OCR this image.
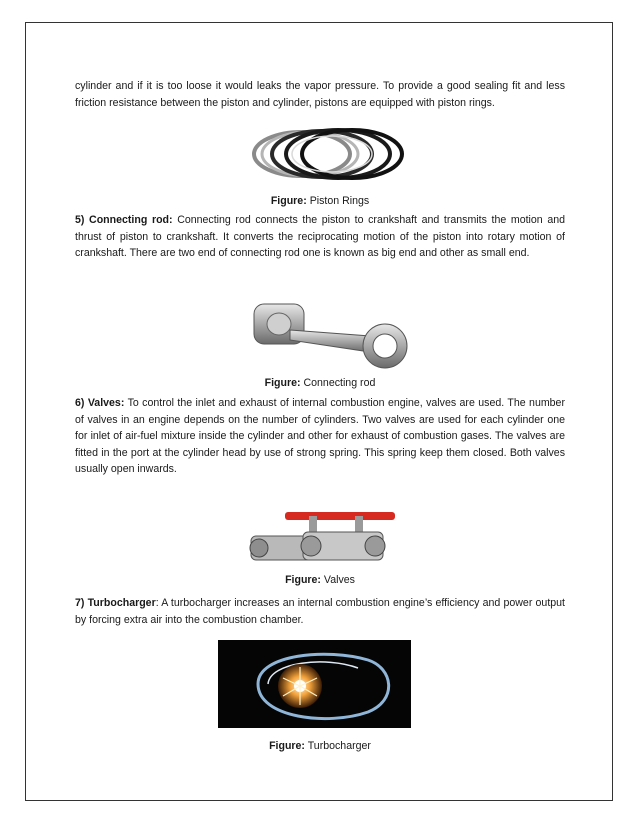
cylinder and if it is too loose it would leaks the vapor pressure. To provide a good sealing fit and less friction resistance between the piston and cylinder, pistons are equipped with piston rings.

Figure: Piston Rings

5) Connecting rod: Connecting rod connects the piston to crankshaft and transmits the motion and thrust of piston to crankshaft. It converts the reciprocating motion of the piston into rotary motion of crankshaft. There are two end of connecting rod one is known as big end and other as small end.

Figure: Connecting rod

6) Valves: To control the inlet and exhaust of internal combustion engine, valves are used. The number of valves in an engine depends on the number of cylinders. Two valves are used for each cylinder one for inlet of air-fuel mixture inside the cylinder and other for exhaust of combustion gases. The valves are fitted in the port at the cylinder head by use of strong spring. This spring keep them closed. Both valves usually open inwards.

Figure: Valves

7) Turbocharger: A turbocharger increases an internal combustion engine’s efficiency and power output by forcing extra air into the combustion chamber.

Figure: Turbocharger
